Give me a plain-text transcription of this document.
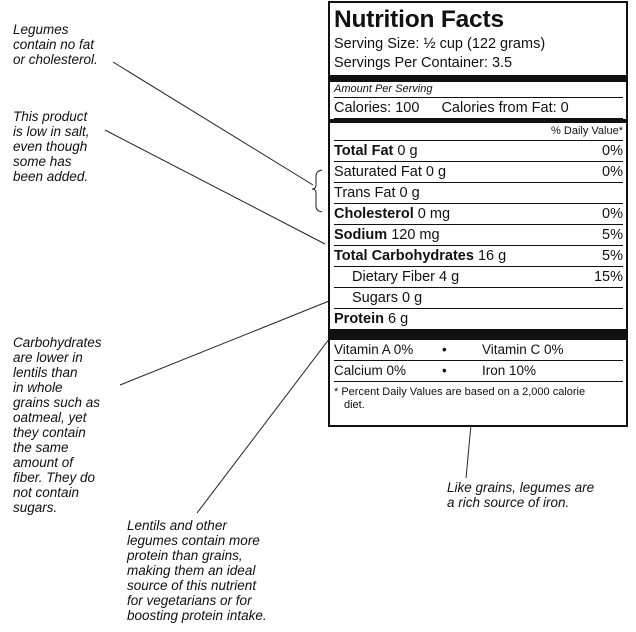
Legumes
contain no fat
or cholesterol.

This product
is low in salt,
even though
some has
been added.

Carbohydrates
are lower in
lentils than
in whole
grains such as
oatmeal, yet
they contain
the same
amount of
fiber. They do
not contain
sugars.

Like grains, legumes are
a rich source of iron.

Lentils and other
legumes contain more
protein than grains,
making them an ideal
source of this nutrient
for vegetarians or for
boosting protein intake.

Nutrition Facts
Serving Size: ½ cup (122 grams)
Servings Per Container: 3.5
Amount Per Serving
Calories: 100 Calories from Fat: 0
% Daily Value*
Total Fat 0 g	0%
Saturated Fat 0 g	0%
Trans Fat 0 g
Cholesterol 0 mg	0%
Sodium 120 mg	5%
Total Carbohydrates 16 g	5%
Dietary Fiber 4 g	15%
Sugars 0 g
Protein 6 g
Vitamin A 0%	•	Vitamin C 0%
Calcium 0%	•	Iron 10%
* Percent Daily Values are based on a 2,000 calorie
diet.
